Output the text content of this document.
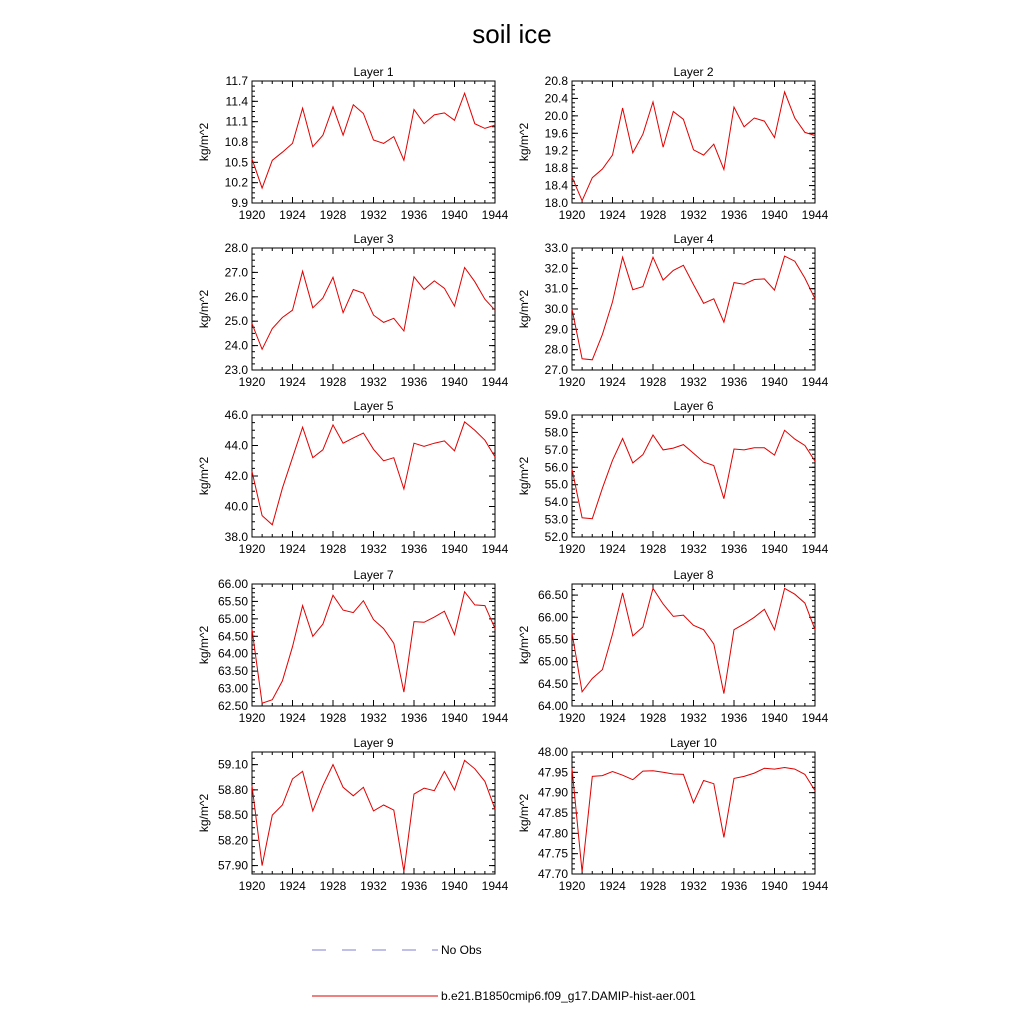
soil ice
Layer 1
kg/m^2
1920 1924 1928 1932 1936 1940 1944
9.9
10.2
10.5
10.8
11.1
11.4
11.7
Layer 2
kg/m^2
1920 1924 1928 1932 1936 1940 1944
18.0
18.4
18.8
19.2
19.6
20.0
20.4
20.8
Layer 3
kg/m^2
1920 1924 1928 1932 1936 1940 1944
23.0
24.0
25.0
26.0
27.0
28.0
Layer 4
kg/m^2
1920 1924 1928 1932 1936 1940 1944
27.0
28.0
29.0
30.0
31.0
32.0
33.0
Layer 5
kg/m^2
1920 1924 1928 1932 1936 1940 1944
38.0
40.0
42.0
44.0
46.0
Layer 6
kg/m^2
1920 1924 1928 1932 1936 1940 1944
52.0
53.0
54.0
55.0
56.0
57.0
58.0
59.0
Layer 7
kg/m^2
1920 1924 1928 1932 1936 1940 1944
62.50
63.00
63.50
64.00
64.50
65.00
65.50
66.00
Layer 8
kg/m^2
1920 1924 1928 1932 1936 1940 1944
64.00
64.50
65.00
65.50
66.00
66.50
Layer 9
kg/m^2
1920 1924 1928 1932 1936 1940 1944
57.90
58.20
58.50
58.80
59.10
Layer 10
kg/m^2
1920 1924 1928 1932 1936 1940 1944
47.70
47.75
47.80
47.85
47.90
47.95
48.00
No Obs
b.e21.B1850cmip6.f09_g17.DAMIP-hist-aer.001
